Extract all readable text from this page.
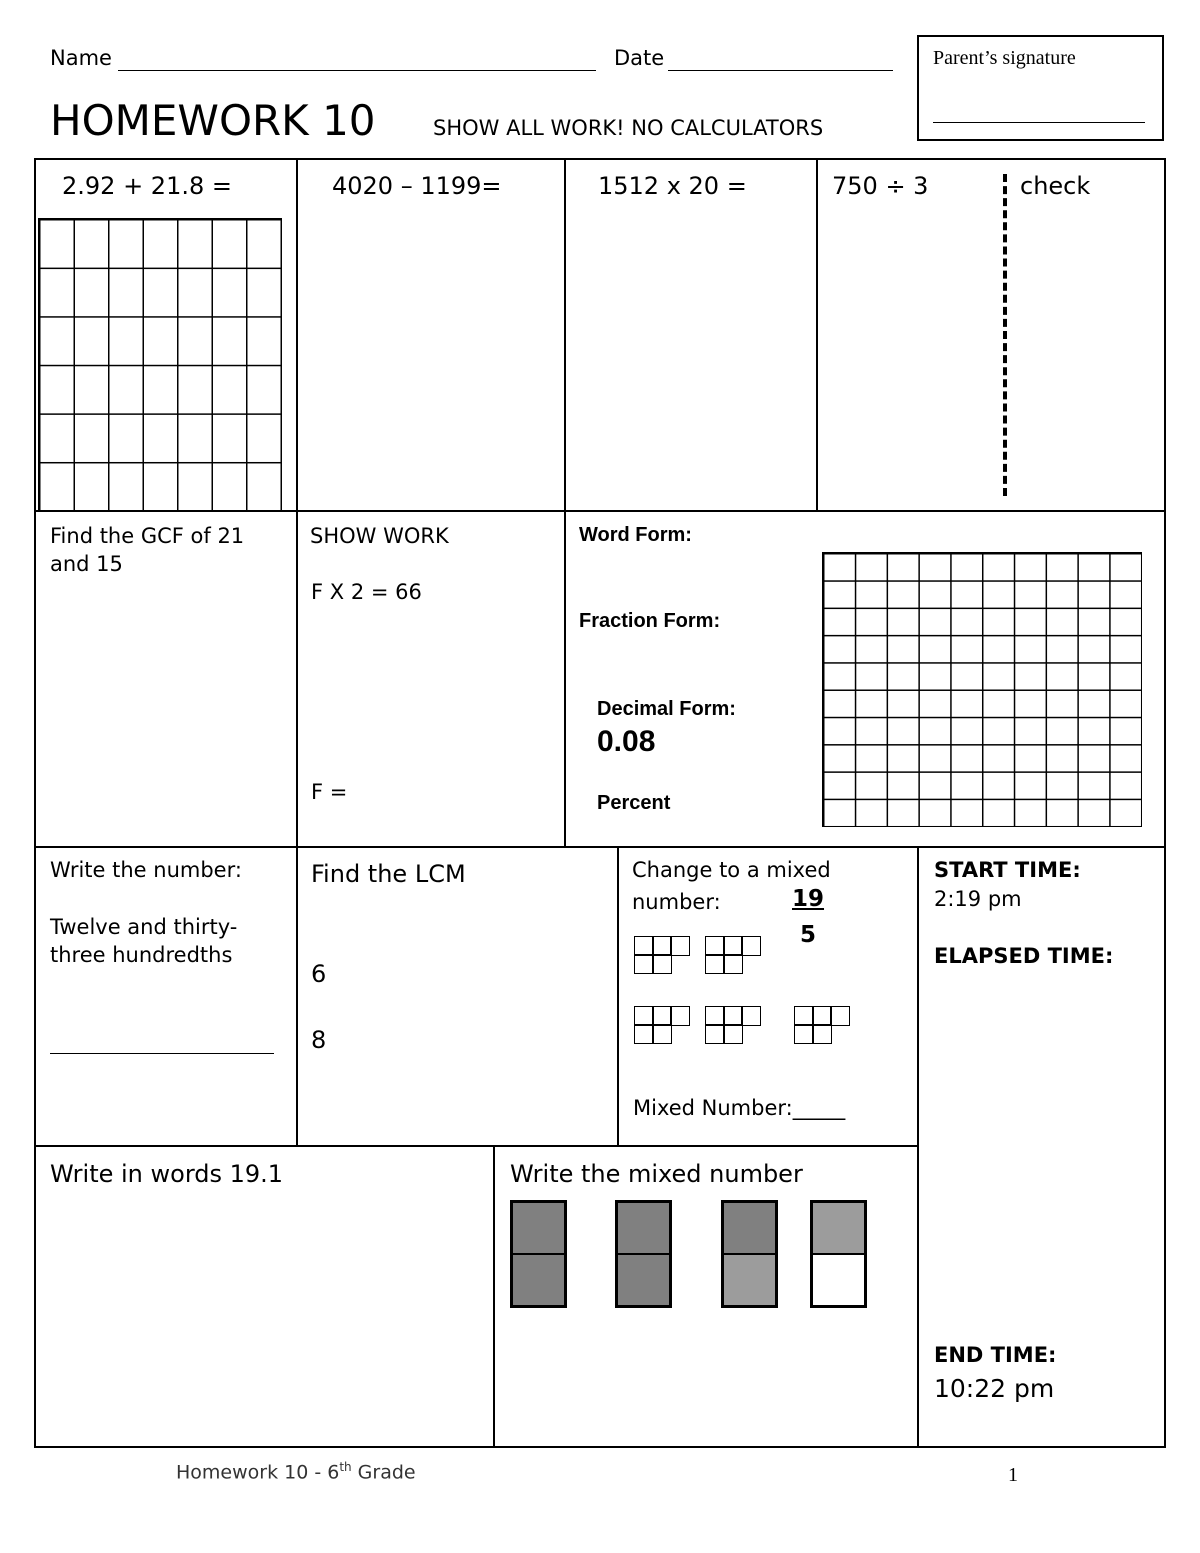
Name	Date
HOMEWORK 10	SHOW ALL WORK! NO CALCULATORS
Parent’s signature
2.92 + 21.8 =	4020 – 1199=	1512 x 20 =	750 ÷ 3	check
Find the GCF of 21
and 15
SHOW WORK
F X 2 = 66
F =
Word Form:
Fraction Form:
Decimal Form:
0.08
Percent
Write the number:
Twelve and thirty-
three hundredths
Find the LCM
6
8
Change to a mixed
number:	19
5
Mixed Number:_____
START TIME:
2:19 pm
ELAPSED TIME:
END TIME:
10:22 pm
Write in words 19.1	Write the mixed number
Homework 10 - 6th Grade	1
